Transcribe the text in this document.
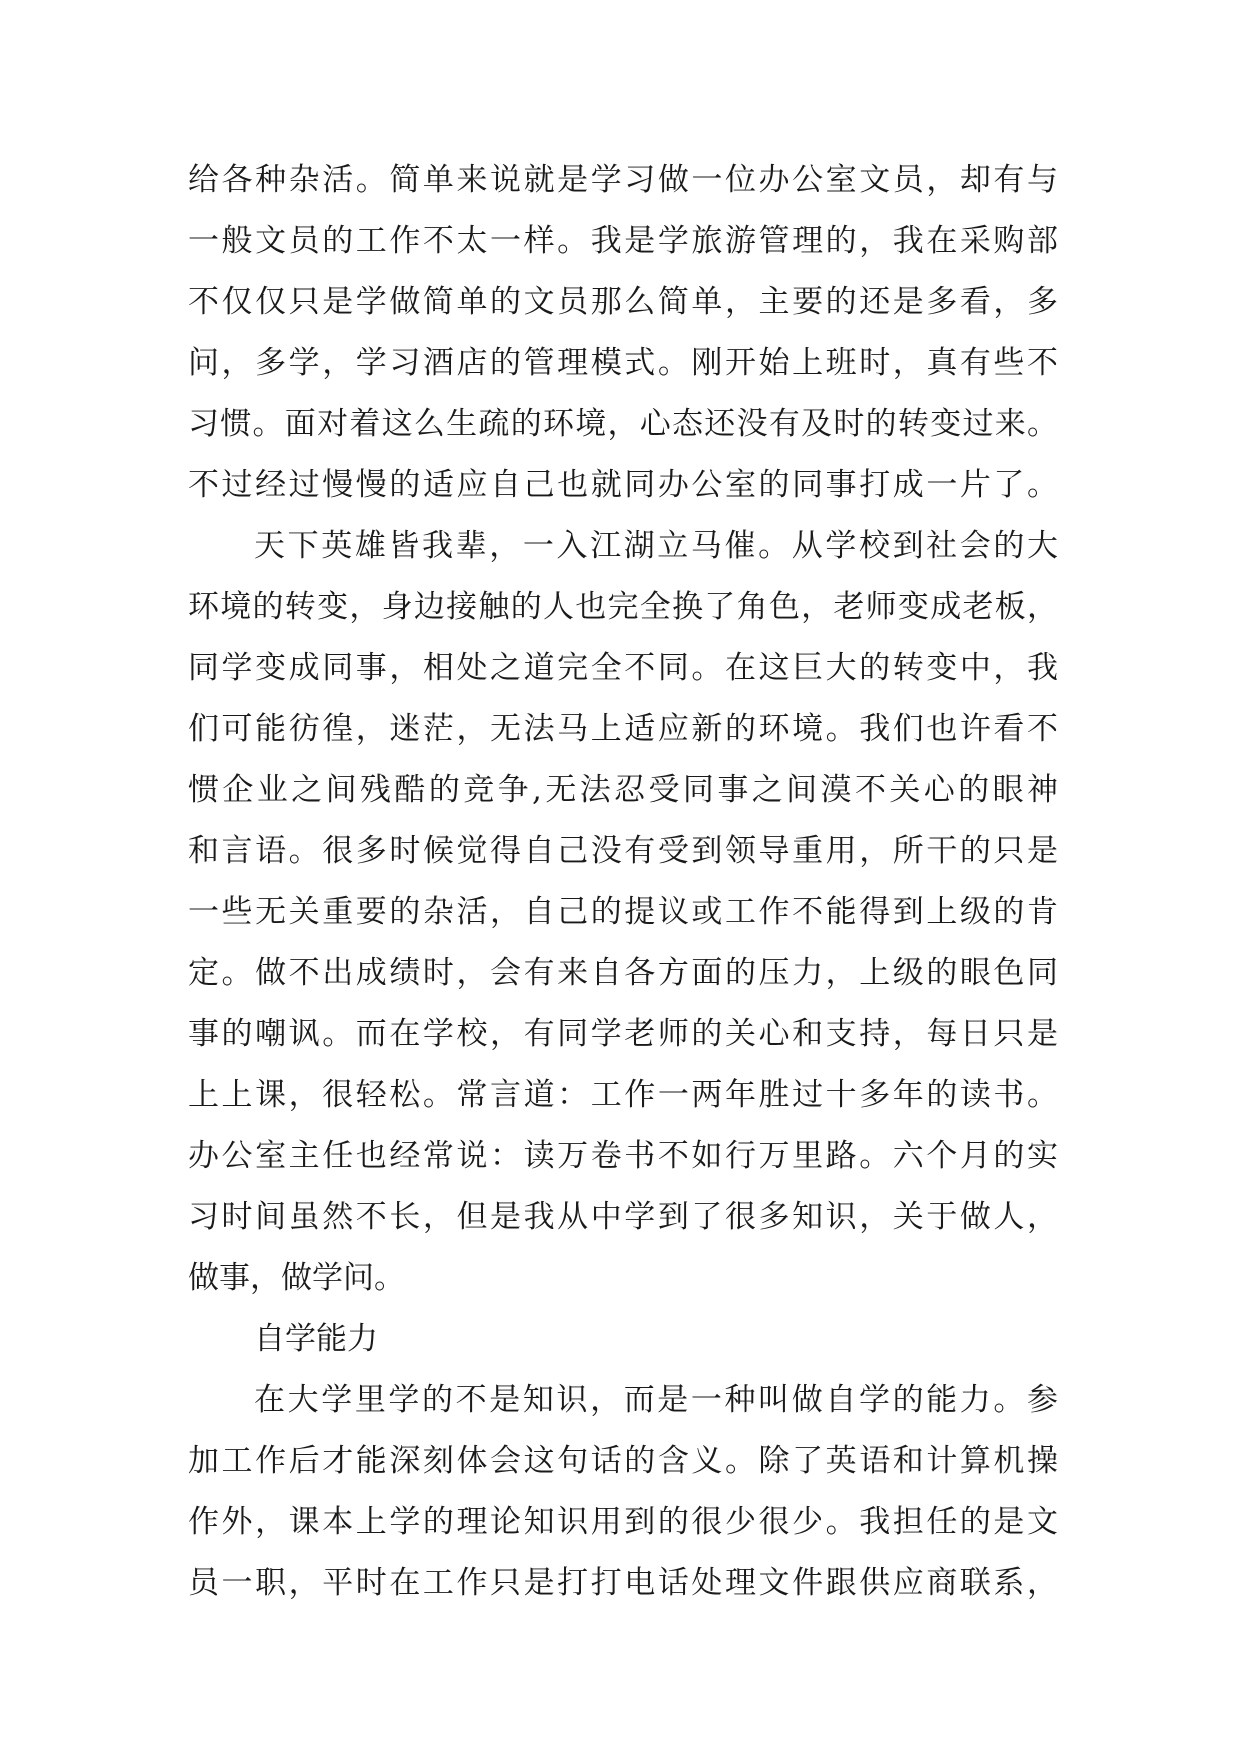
给各种杂活。简单来说就是学习做一位办公室文员，却有与
一般文员的工作不太一样。我是学旅游管理的，我在采购部
不仅仅只是学做简单的文员那么简单，主要的还是多看，多
问，多学，学习酒店的管理模式。刚开始上班时，真有些不
习惯。面对着这么生疏的环境，心态还没有及时的转变过来。
不过经过慢慢的适应自己也就同办公室的同事打成一片了。
天下英雄皆我辈，一入江湖立马催。从学校到社会的大
环境的转变，身边接触的人也完全换了角色，老师变成老板，
同学变成同事，相处之道完全不同。在这巨大的转变中，我
们可能彷徨，迷茫，无法马上适应新的环境。我们也许看不
惯企业之间残酷的竞争,无法忍受同事之间漠不关心的眼神
和言语。很多时候觉得自己没有受到领导重用，所干的只是
一些无关重要的杂活，自己的提议或工作不能得到上级的肯
定。做不出成绩时，会有来自各方面的压力，上级的眼色同
事的嘲讽。而在学校，有同学老师的关心和支持，每日只是
上上课，很轻松。常言道：工作一两年胜过十多年的读书。
办公室主任也经常说：读万卷书不如行万里路。六个月的实
习时间虽然不长，但是我从中学到了很多知识，关于做人，
做事，做学问。
自学能力
在大学里学的不是知识，而是一种叫做自学的能力。参
加工作后才能深刻体会这句话的含义。除了英语和计算机操
作外，课本上学的理论知识用到的很少很少。我担任的是文
员一职，平时在工作只是打打电话处理文件跟供应商联系，
